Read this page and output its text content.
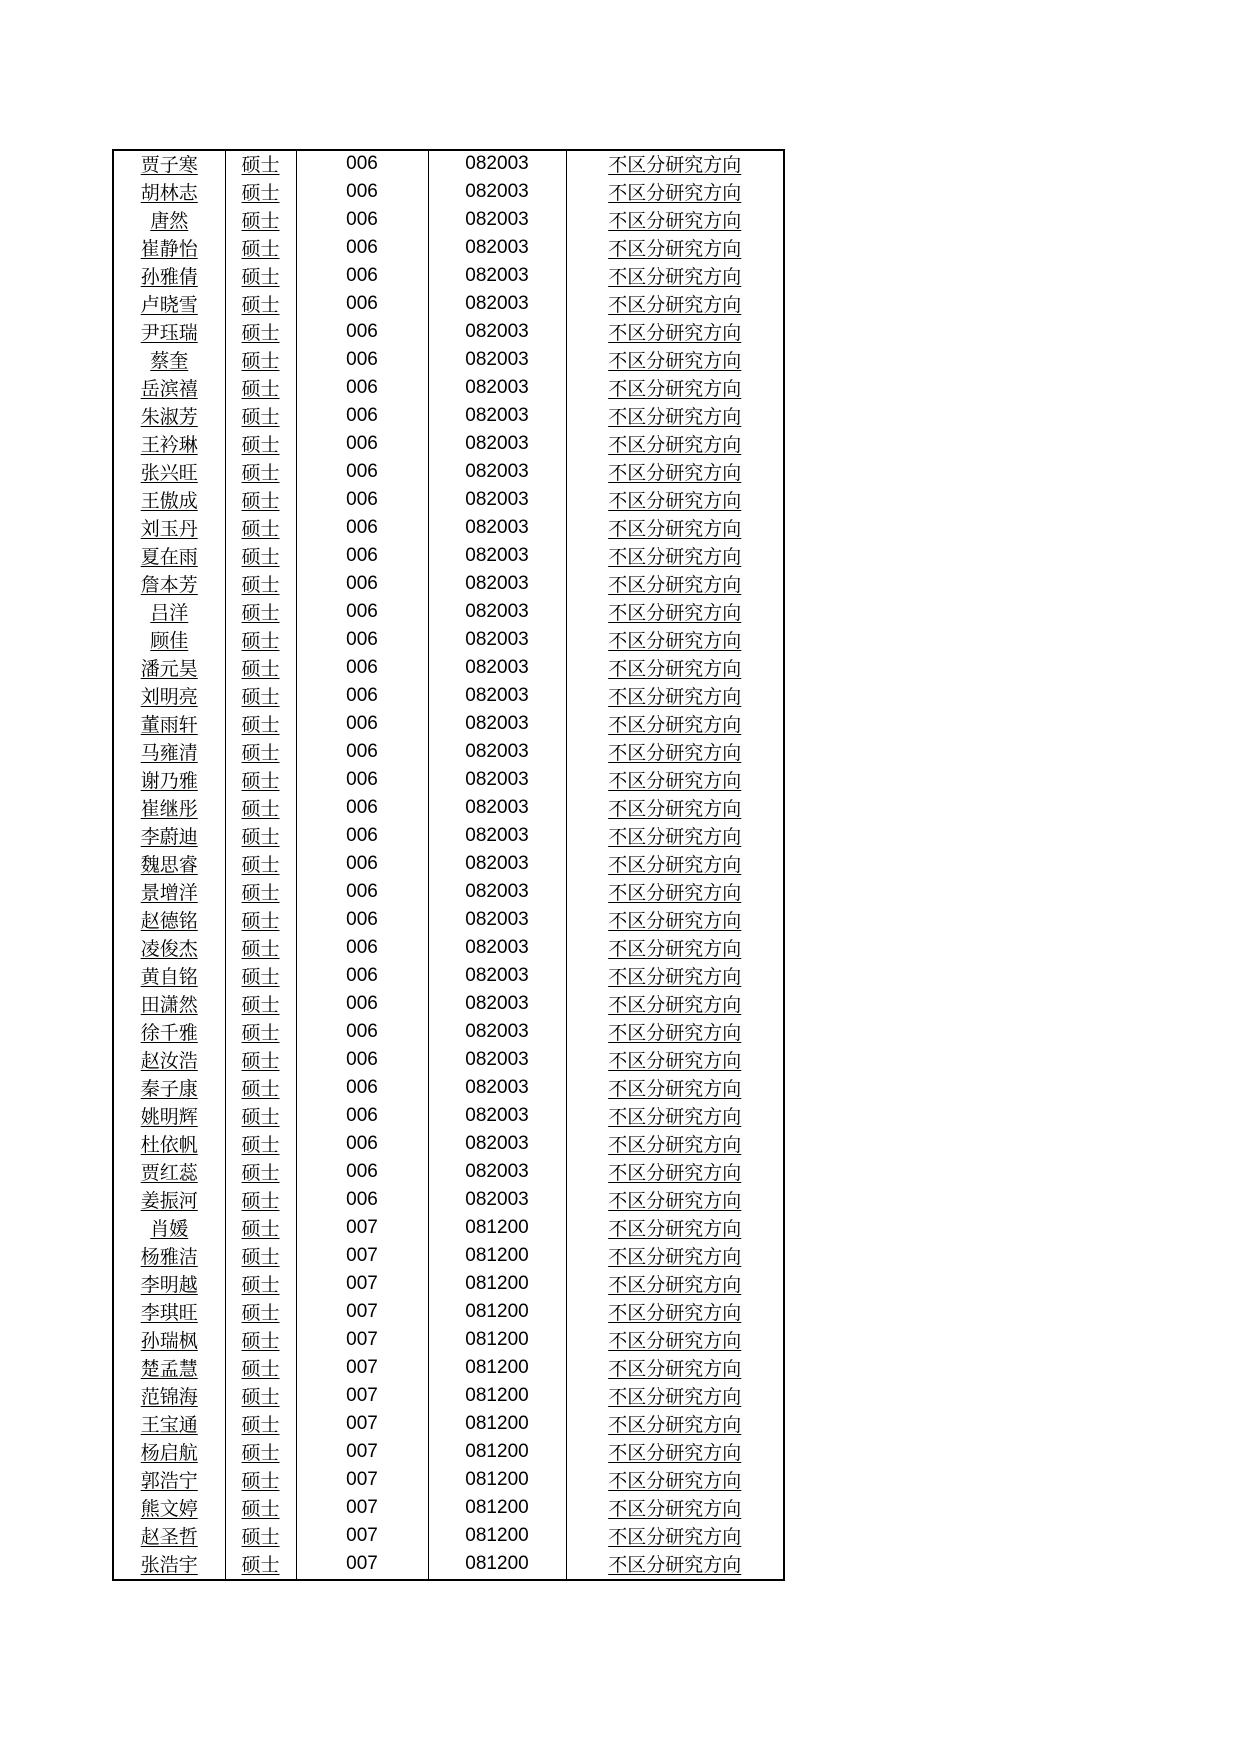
贾子寒	硕士	006	082003	不区分研究方向
胡林志	硕士	006	082003	不区分研究方向
唐然	硕士	006	082003	不区分研究方向
崔静怡	硕士	006	082003	不区分研究方向
孙雅倩	硕士	006	082003	不区分研究方向
卢晓雪	硕士	006	082003	不区分研究方向
尹珏瑞	硕士	006	082003	不区分研究方向
蔡奎	硕士	006	082003	不区分研究方向
岳滨禧	硕士	006	082003	不区分研究方向
朱淑芳	硕士	006	082003	不区分研究方向
王衿琳	硕士	006	082003	不区分研究方向
张兴旺	硕士	006	082003	不区分研究方向
王傲成	硕士	006	082003	不区分研究方向
刘玉丹	硕士	006	082003	不区分研究方向
夏在雨	硕士	006	082003	不区分研究方向
詹本芳	硕士	006	082003	不区分研究方向
吕洋	硕士	006	082003	不区分研究方向
顾佳	硕士	006	082003	不区分研究方向
潘元昊	硕士	006	082003	不区分研究方向
刘明亮	硕士	006	082003	不区分研究方向
董雨轩	硕士	006	082003	不区分研究方向
马雍清	硕士	006	082003	不区分研究方向
谢乃雅	硕士	006	082003	不区分研究方向
崔继彤	硕士	006	082003	不区分研究方向
李蔚迪	硕士	006	082003	不区分研究方向
魏思睿	硕士	006	082003	不区分研究方向
景增洋	硕士	006	082003	不区分研究方向
赵德铭	硕士	006	082003	不区分研究方向
凌俊杰	硕士	006	082003	不区分研究方向
黄自铭	硕士	006	082003	不区分研究方向
田潇然	硕士	006	082003	不区分研究方向
徐千雅	硕士	006	082003	不区分研究方向
赵汝浩	硕士	006	082003	不区分研究方向
秦子康	硕士	006	082003	不区分研究方向
姚明辉	硕士	006	082003	不区分研究方向
杜依帆	硕士	006	082003	不区分研究方向
贾红蕊	硕士	006	082003	不区分研究方向
姜振河	硕士	006	082003	不区分研究方向
肖媛	硕士	007	081200	不区分研究方向
杨雅洁	硕士	007	081200	不区分研究方向
李明越	硕士	007	081200	不区分研究方向
李琪旺	硕士	007	081200	不区分研究方向
孙瑞枫	硕士	007	081200	不区分研究方向
楚孟慧	硕士	007	081200	不区分研究方向
范锦海	硕士	007	081200	不区分研究方向
王宝通	硕士	007	081200	不区分研究方向
杨启航	硕士	007	081200	不区分研究方向
郭浩宁	硕士	007	081200	不区分研究方向
熊文婷	硕士	007	081200	不区分研究方向
赵圣哲	硕士	007	081200	不区分研究方向
张浩宇	硕士	007	081200	不区分研究方向
